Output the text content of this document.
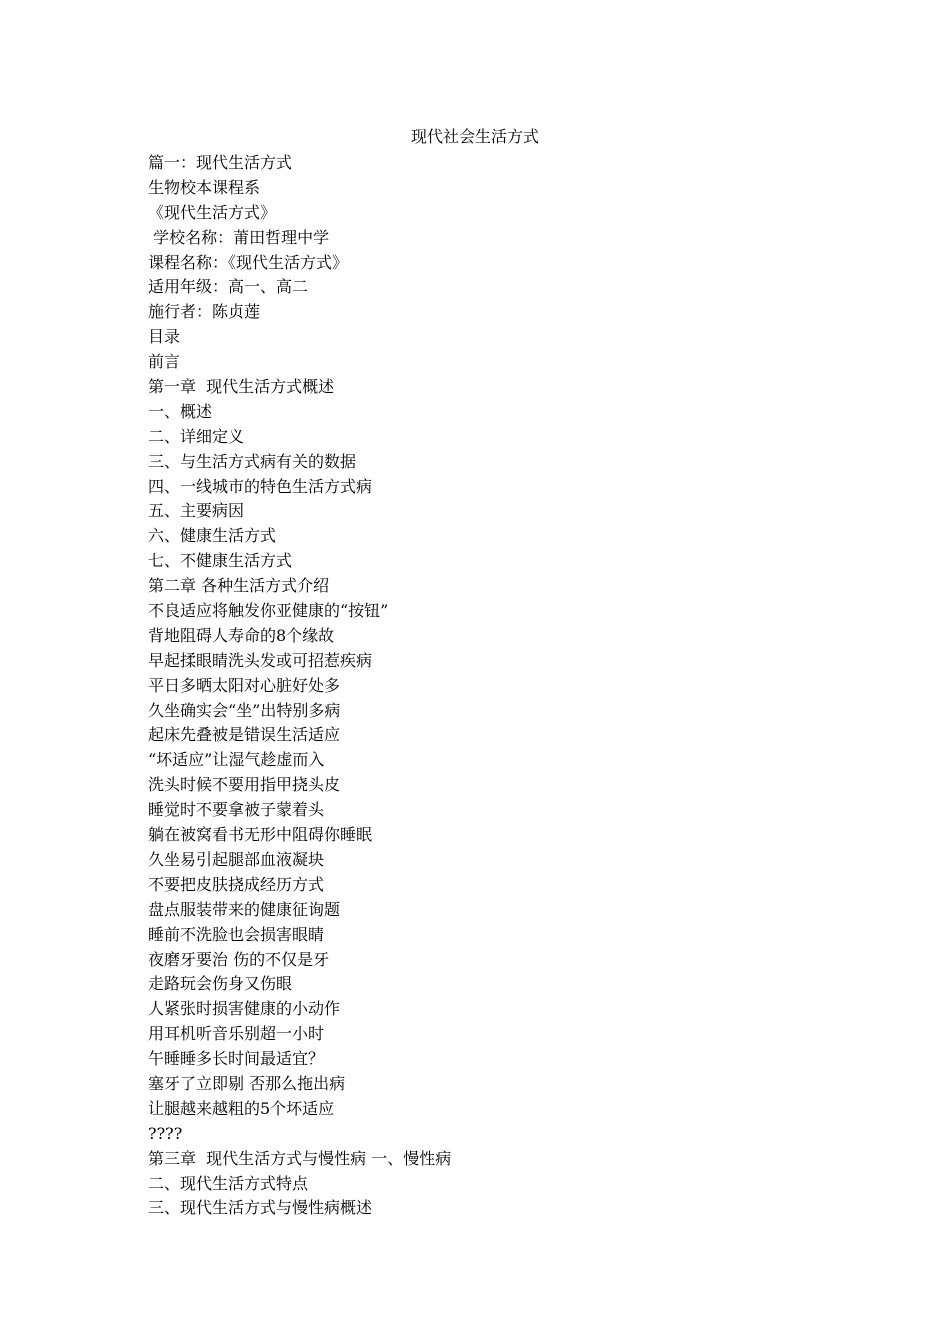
现代社会生活方式
篇一：现代生活方式
生物校本课程系
《现代生活方式》
学校名称：莆田哲理中学
课程名称：《现代生活方式》
适用年级：高一、高二
施行者：陈贞莲
目录
前言
第一章  现代生活方式概述
一、概述
二、详细定义
三、与生活方式病有关的数据
四、一线城市的特色生活方式病
五、主要病因
六、健康生活方式
七、不健康生活方式
第二章 各种生活方式介绍
不良适应将触发你亚健康的“按钮”
背地阻碍人寿命的8个缘故
早起揉眼睛洗头发或可招惹疾病
平日多晒太阳对心脏好处多
久坐确实会“坐”出特别多病
起床先叠被是错误生活适应
“坏适应”让湿气趁虚而入
洗头时候不要用指甲挠头皮
睡觉时不要拿被子蒙着头
躺在被窝看书无形中阻碍你睡眠
久坐易引起腿部血液凝块
不要把皮肤挠成经历方式
盘点服装带来的健康征询题
睡前不洗脸也会损害眼睛
夜磨牙要治 伤的不仅是牙
走路玩会伤身又伤眼
人紧张时损害健康的小动作
用耳机听音乐别超一小时
午睡睡多长时间最适宜？
塞牙了立即剔 否那么拖出病
让腿越来越粗的5个坏适应
????
第三章  现代生活方式与慢性病 一、慢性病
二、现代生活方式特点
三、现代生活方式与慢性病概述
